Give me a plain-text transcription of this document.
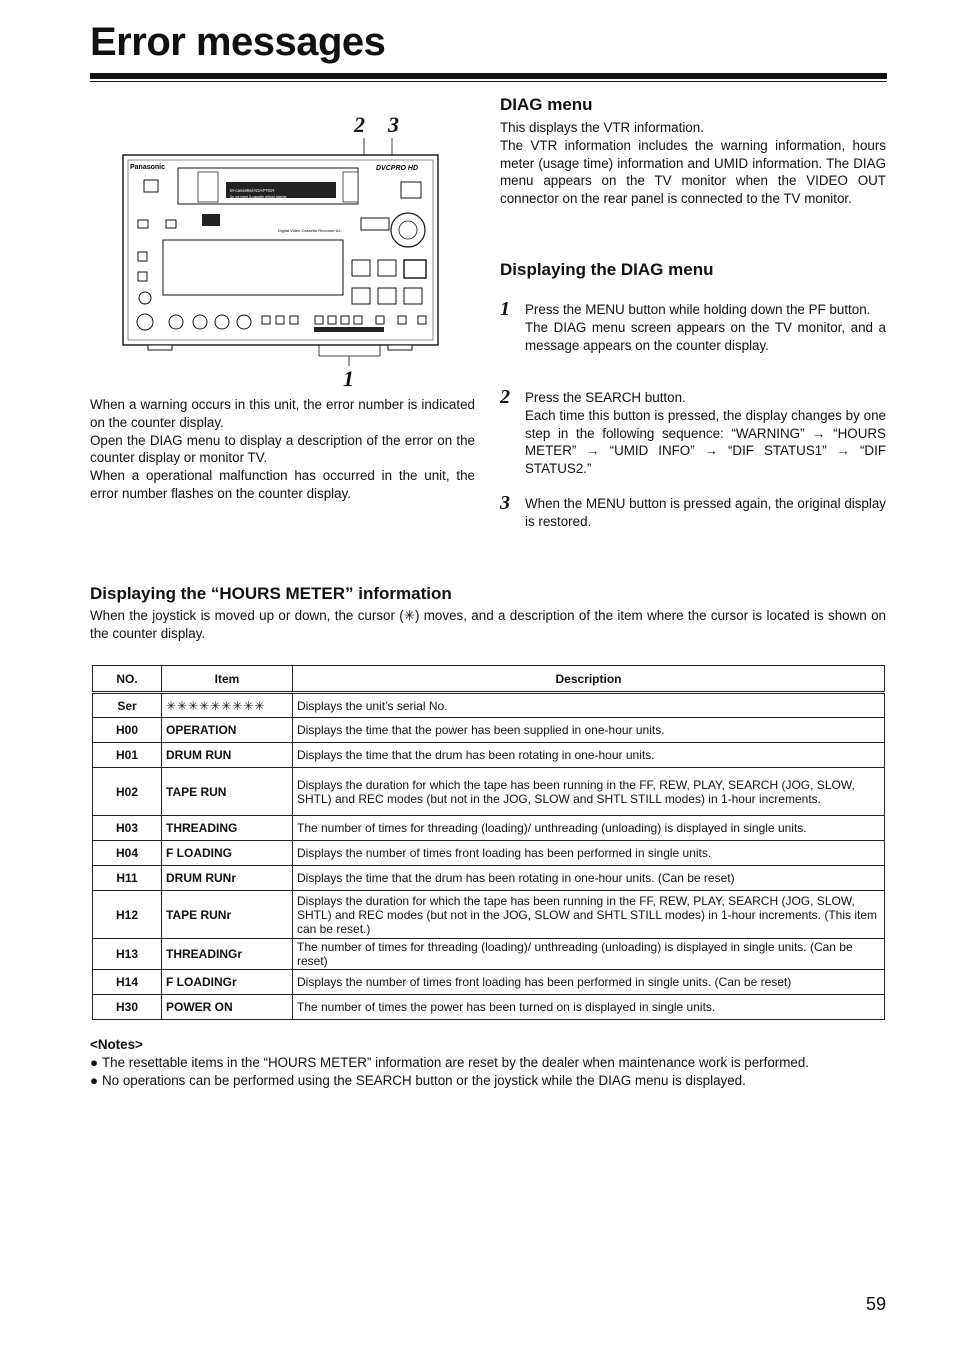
Error messages
2 3
1
Panasonic	DVCPRO HD
M-cassette/ADAPTER
Do not insert S-cassette without adapter
Digital Video Cassette Recorder AJ-

When a warning occurs in this unit, the error number is indicated on the counter display.

Open the DIAG menu to display a description of the error on the counter display or monitor TV.

When a operational malfunction has occurred in the unit, the error number flashes on the counter display.

DIAG menu

This displays the VTR information.

The VTR information includes the warning information, hours meter (usage time) information and UMID information. The DIAG menu appears on the TV monitor when the VIDEO OUT connector on the rear panel is connected to the TV monitor.

Displaying the DIAG menu
1 Press the MENU button while holding down the PF button.

The DIAG menu screen appears on the TV monitor, and a message appears on the counter display.

2 Press the SEARCH button.

Each time this button is pressed, the display changes by one step in the following sequence: “WARNING” → “HOURS METER” → “UMID INFO” → “DIF STATUS1” → “DIF STATUS2.”

3 When the MENU button is pressed again, the original display is restored.

Displaying the “HOURS METER” information

When the joystick is moved up or down, the cursor (✳) moves, and a description of the item where the cursor is located is shown on the counter display.

NO.	Item	Description
Ser	✳✳✳✳✳✳✳✳✳	Displays the unit’s serial No.
H00	OPERATION	Displays the time that the power has been supplied in one-hour units.
H01	DRUM RUN	Displays the time that the drum has been rotating in one-hour units.
H02	TAPE RUN	Displays the duration for which the tape has been running in the FF, REW, PLAY, SEARCH (JOG, SLOW, SHTL) and REC modes (but not in the JOG, SLOW and SHTL STILL modes) in 1-hour increments.
H03	THREADING	The number of times for threading (loading)/ unthreading (unloading) is displayed in single units.
H04	F LOADING	Displays the number of times front loading has been performed in single units.
H11	DRUM RUNr	Displays the time that the drum has been rotating in one-hour units. (Can be reset)
H12	TAPE RUNr	Displays the duration for which the tape has been running in the FF, REW, PLAY, SEARCH (JOG, SLOW, SHTL) and REC modes (but not in the JOG, SLOW and SHTL STILL modes) in 1-hour increments. (This item can be reset.)
H13	THREADINGr	The number of times for threading (loading)/ unthreading (unloading) is displayed in single units. (Can be reset)
H14	F LOADINGr	Displays the number of times front loading has been performed in single units. (Can be reset)
H30	POWER ON	The number of times the power has been turned on is displayed in single units.
<Notes>
● The resettable items in the “HOURS METER” information are reset by the dealer when maintenance work is performed.
● No operations can be performed using the SEARCH button or the joystick while the DIAG menu is displayed.
59
